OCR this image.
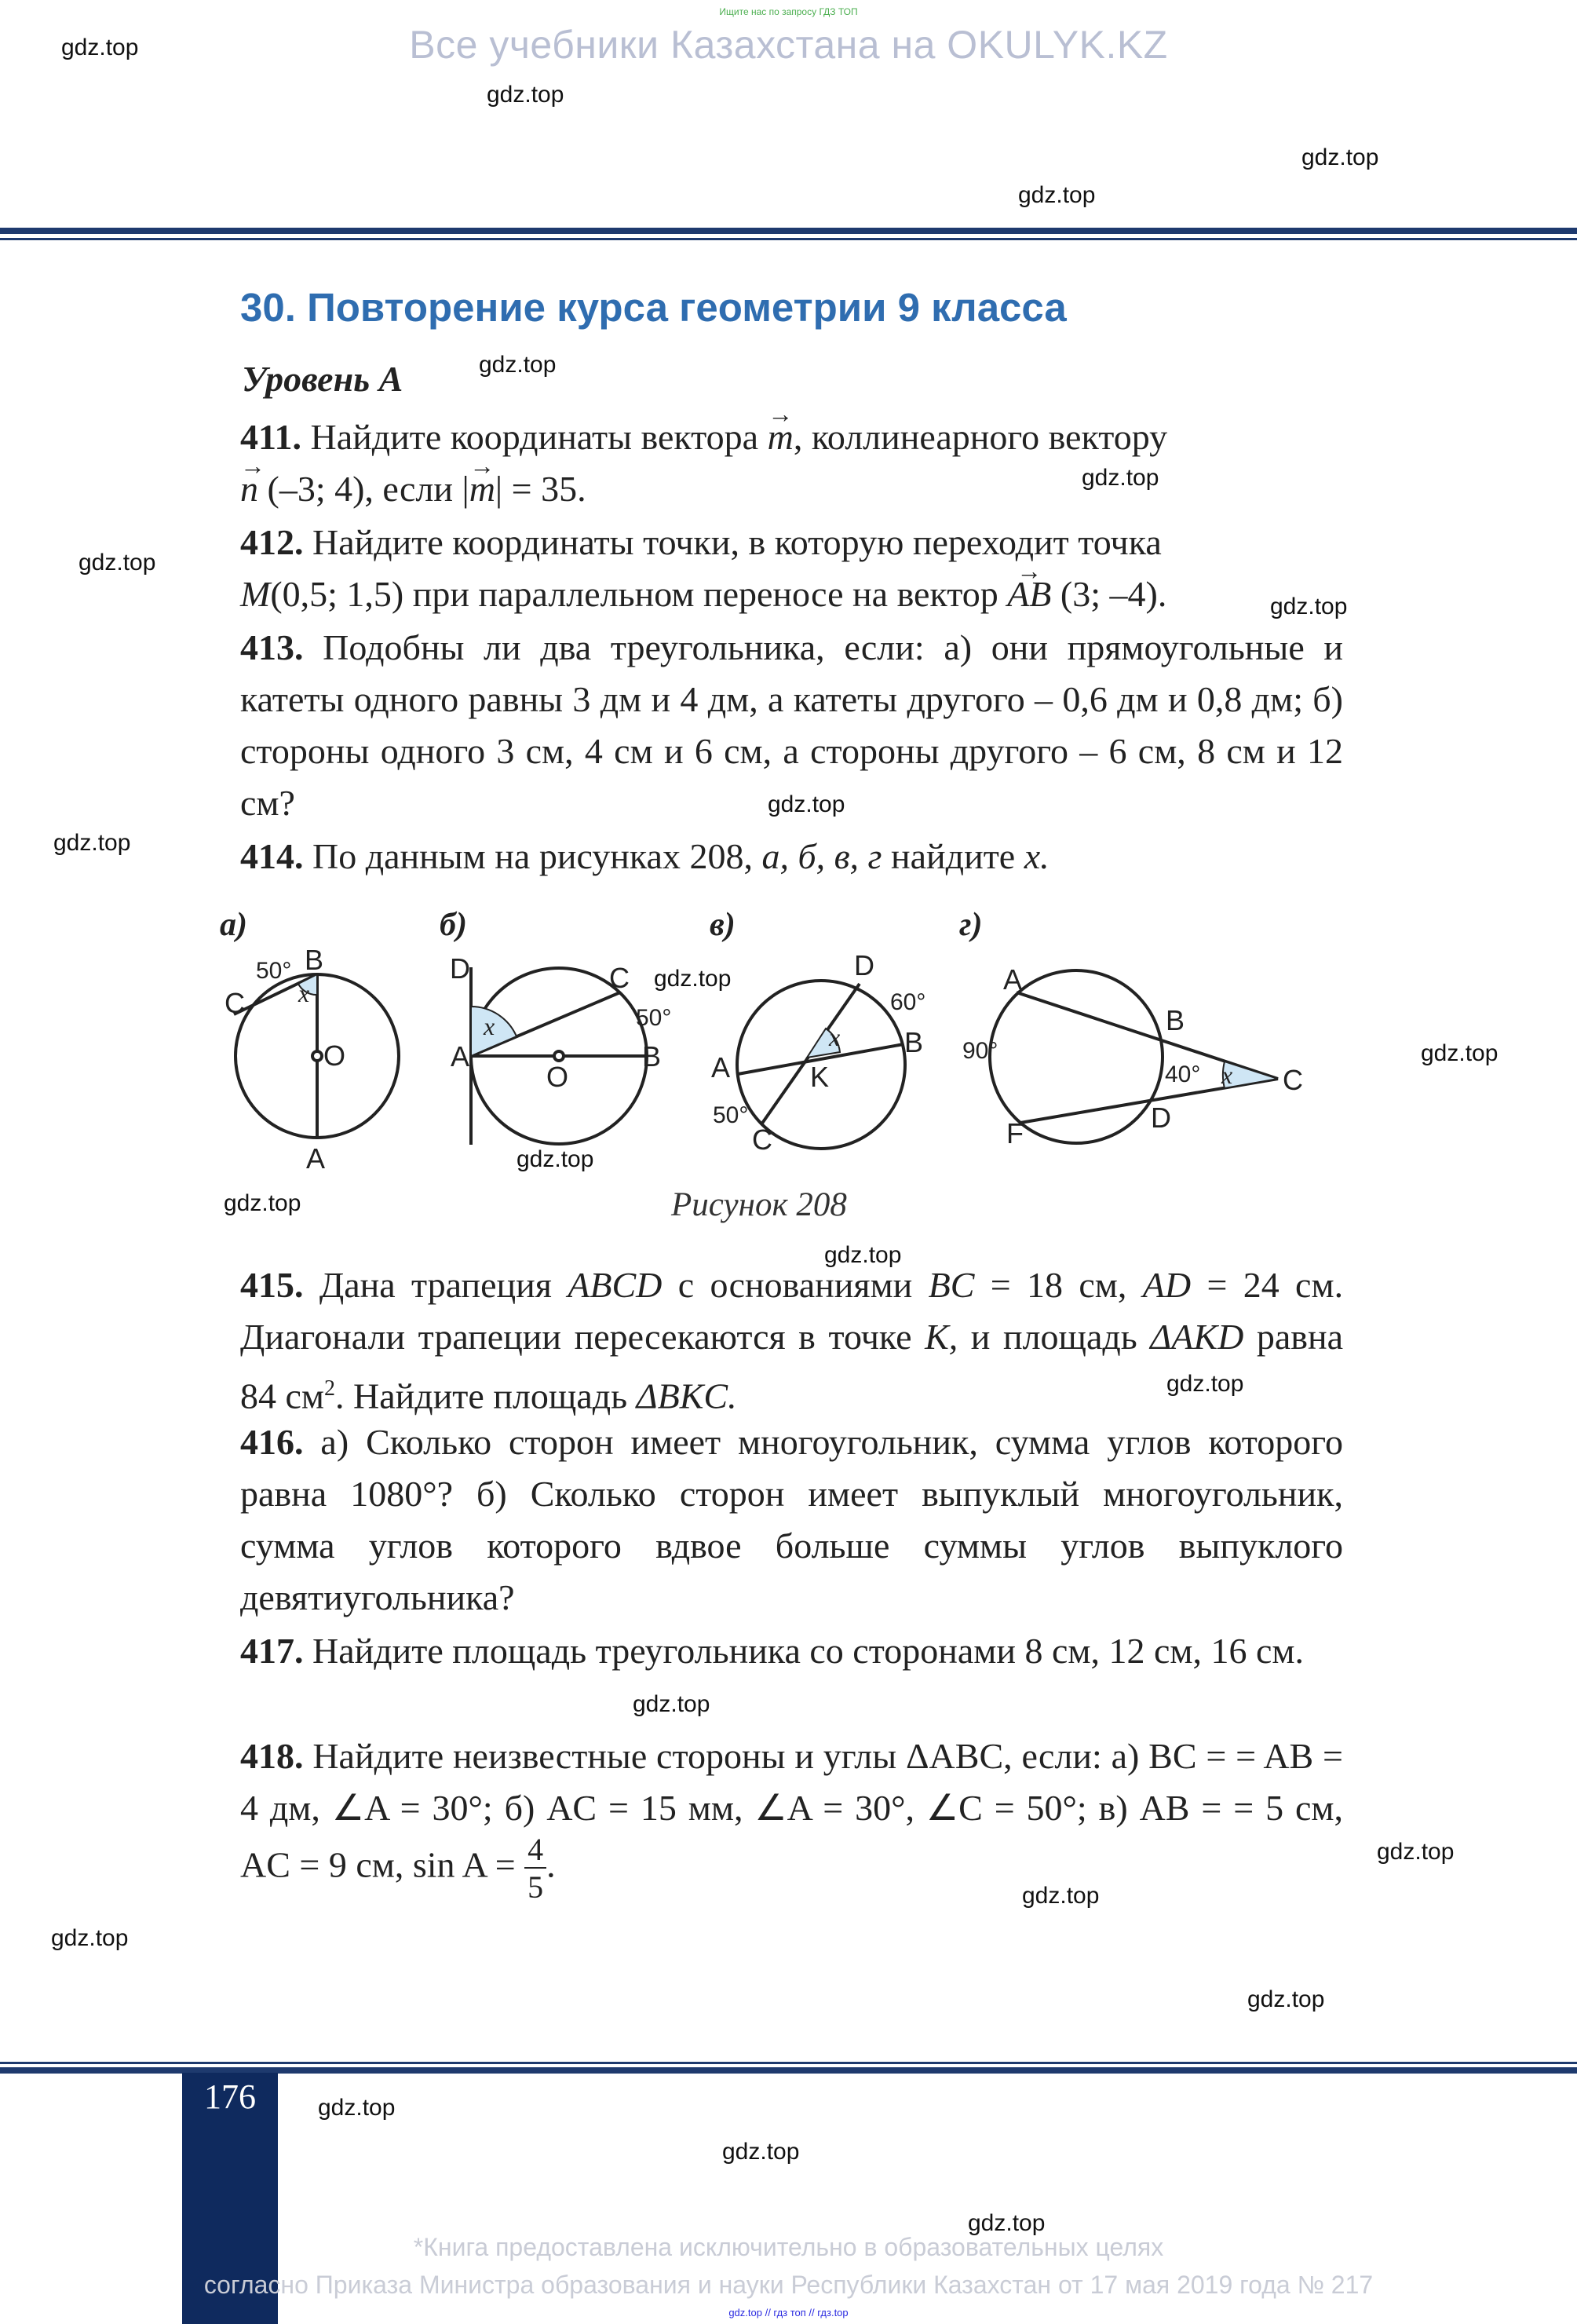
Ищите нас по запросу ГДЗ ТОП
Все учебники Казахстана на OKULYK.KZ
gdz.top
gdz.top
gdz.top
gdz.top
gdz.top
gdz.top
gdz.top
gdz.top
gdz.top
gdz.top
gdz.top
gdz.top
gdz.top
gdz.top
gdz.top
gdz.top
gdz.top
gdz.top
gdz.top
gdz.top
gdz.top
gdz.top
gdz.top
gdz.top
30. Повторение курса геометрии 9 класса
Уровень А
411. Найдите координаты вектора → m, коллинеарного вектору
→ n (–3; 4), если |→ m| = 35.
412. Найдите координаты точки, в которую переходит точка
M(0,5; 1,5) при параллельном переносе на вектор → AB (3; –4).
413. Подобны ли два треугольника, если: а) они прямоугольные и катеты одного равны 3 дм и 4 дм, а катеты другого – 0,6 дм и 0,8 дм; б) стороны одного 3 см, 4 см и 6 см, а стороны другого – 6 см, 8 см и 12 см?
414. По данным на рисунках 208, а, б, в, г найдите x.
а)	б)	в)	г)
B
C
O
A
D	C
A
O
B
D
B
A	K
C
A
B
C
F	D
50°
50°
60°
50°
90°
40°
x
x	x
x
Рисунок 208
415. Дана трапеция ABCD с основаниями BC = 18 см, AD = 24 см. Диагонали трапеции пересекаются в точке K, и площадь ΔAKD равна 84 $см^2$. Найдите площадь ΔBKC.
416. а) Сколько сторон имеет многоугольник, сумма углов которого равна 1080°? б) Сколько сторон имеет выпуклый многоугольник, сумма углов которого вдвое больше суммы углов выпуклого девятиугольника?
417. Найдите площадь треугольника со сторонами 8 см, 12 см, 16 см.
418. Найдите неизвестные стороны и углы ΔABC, если: а) BC = = AB = 4 дм, ∠A = 30°; б) AC = 15 мм, ∠A = 30°, ∠C = 50°; в) AB = = 5 см, AC = 9 см, $\sin A = \frac{4}{5}$ .
176
*Книга предоставлена исключительно в образовательных целях
согласно Приказа Министра образования и науки Республики Казахстан от 17 мая 2019 года № 217
gdz.top // гдз топ // гдз.top
